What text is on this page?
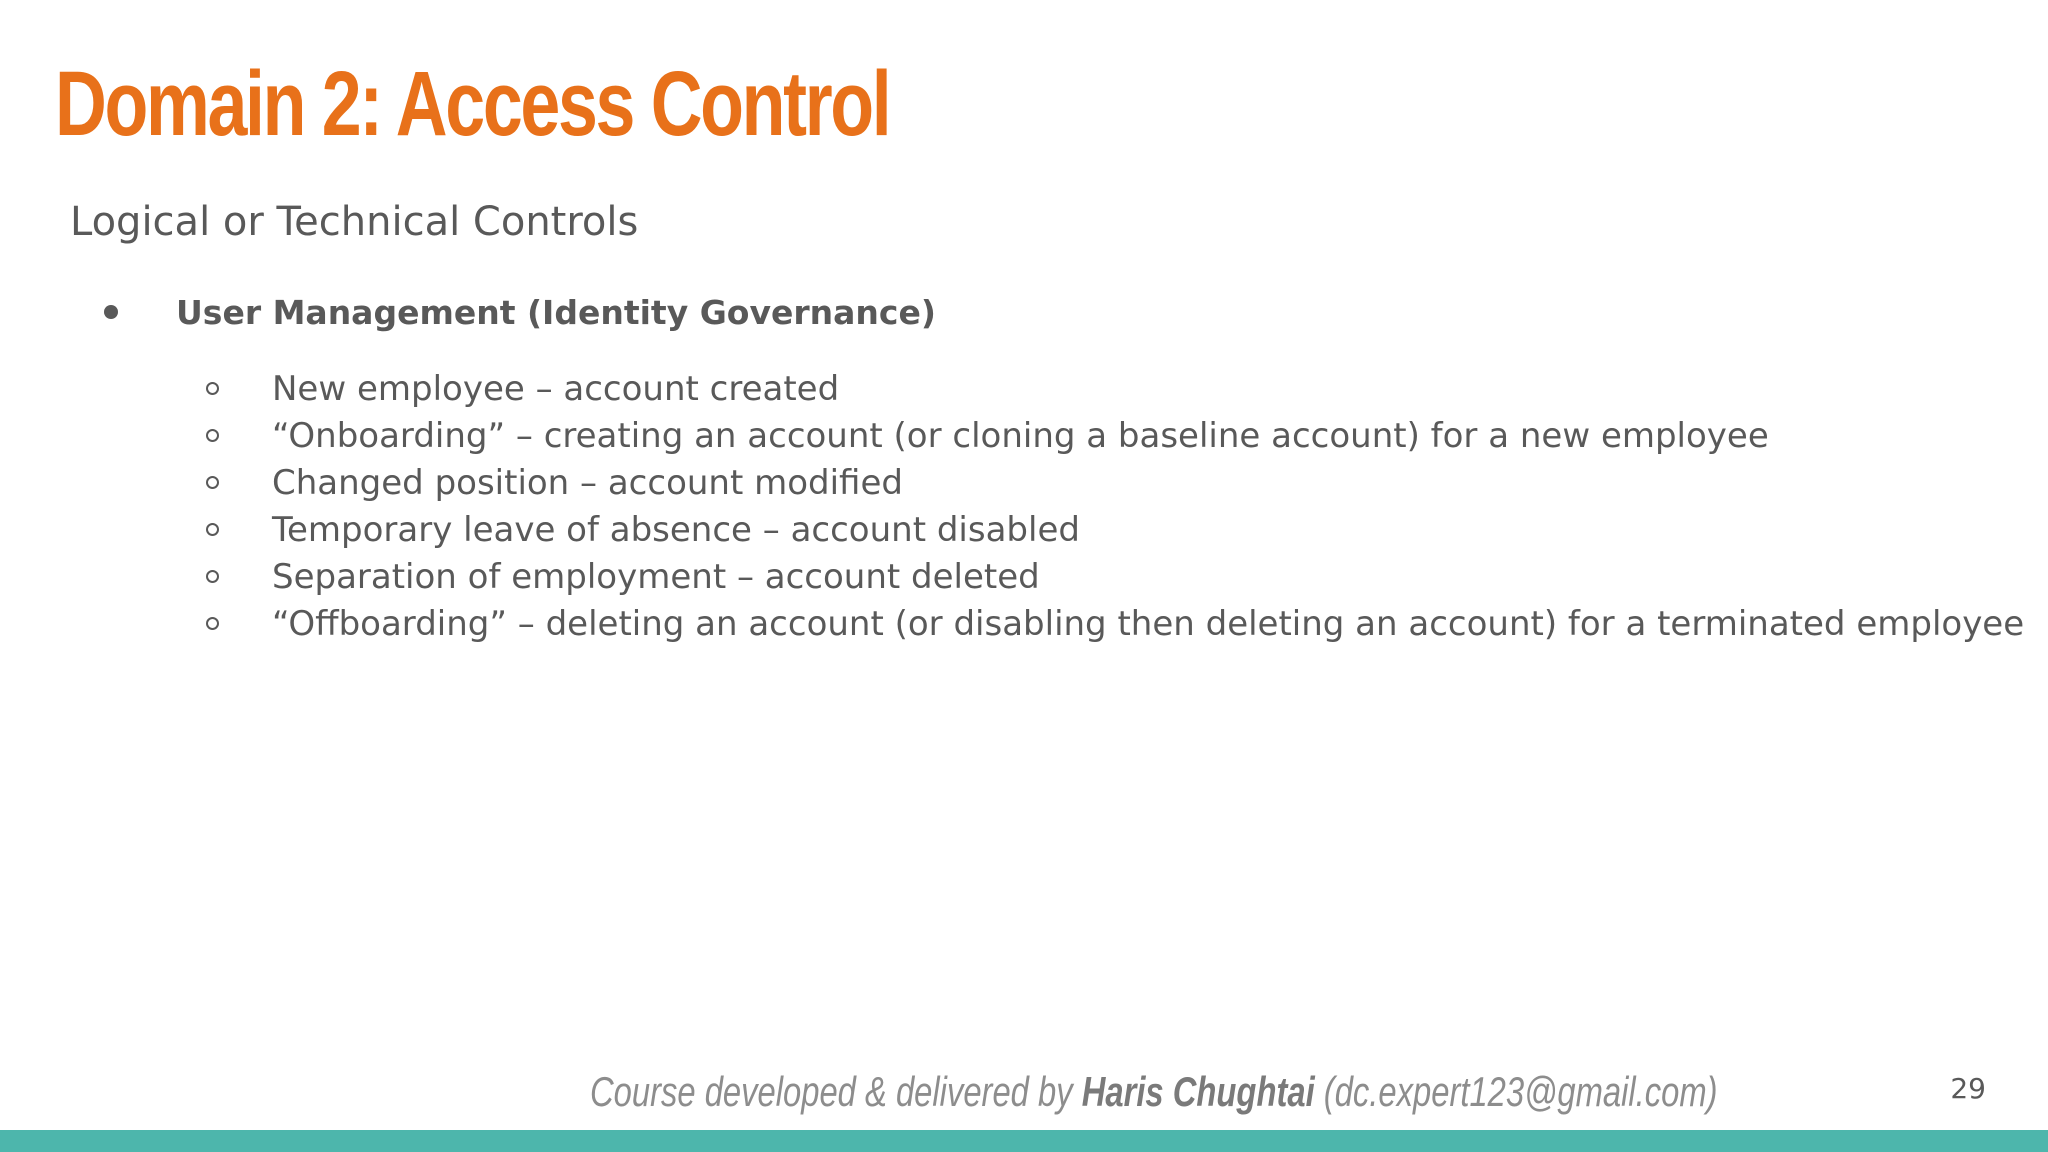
Domain 2: Access Control
Logical or Technical Controls
User Management (Identity Governance)
New employee – account created
“Onboarding” – creating an account (or cloning a baseline account) for a new employee
Changed position – account modified
Temporary leave of absence – account disabled
Separation of employment – account deleted
“Offboarding” – deleting an account (or disabling then deleting an account) for a terminated employee
Course developed & delivered by Haris Chughtai (dc.expert123@gmail.com)	29
